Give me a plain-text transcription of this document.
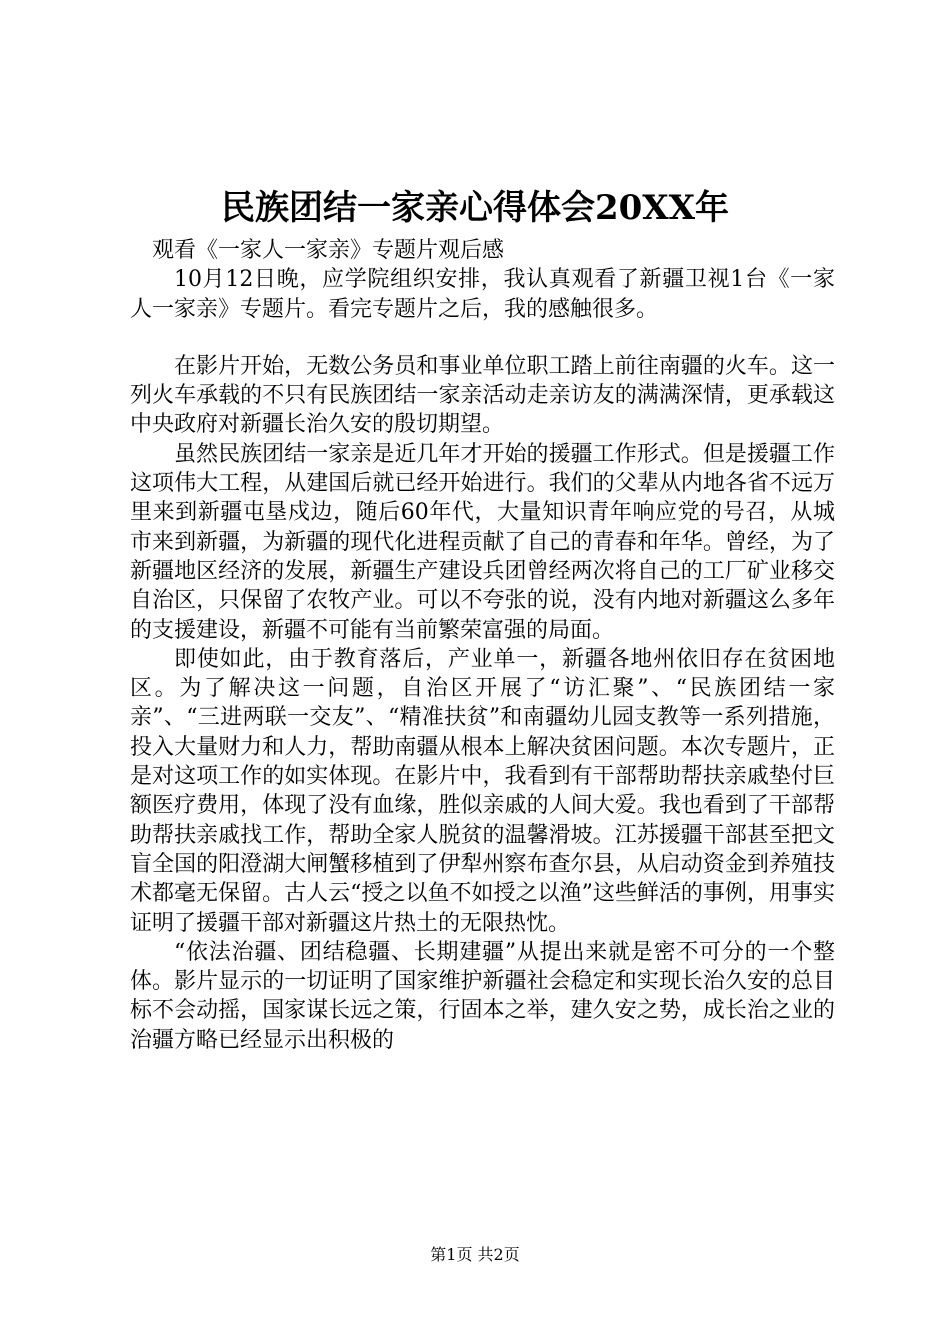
民族团结一家亲心得体会20XX年

观看《一家人一家亲》专题片观后感

10月12日晚，应学院组织安排，我认真观看了新疆卫视1台《一家人一家亲》专题片。看完专题片之后，我的感触很多。

在影片开始，无数公务员和事业单位职工踏上前往南疆的火车。这一列火车承载的不只有民族团结一家亲活动走亲访友的满满深情，更承载这中央政府对新疆长治久安的殷切期望。

虽然民族团结一家亲是近几年才开始的援疆工作形式。但是援疆工作这项伟大工程，从建国后就已经开始进行。我们的父辈从内地各省不远万里来到新疆屯垦戍边，随后60年代，大量知识青年响应党的号召，从城市来到新疆，为新疆的现代化进程贡献了自己的青春和年华。曾经，为了新疆地区经济的发展，新疆生产建设兵团曾经两次将自己的工厂矿业移交自治区，只保留了农牧产业。可以不夸张的说，没有内地对新疆这么多年的支援建设，新疆不可能有当前繁荣富强的局面。

即使如此，由于教育落后，产业单一，新疆各地州依旧存在贫困地区。为了解决这一问题，自治区开展了“访汇聚”、“民族团结一家亲”、“三进两联一交友”、“精准扶贫”和南疆幼儿园支教等一系列措施，投入大量财力和人力，帮助南疆从根本上解决贫困问题。本次专题片，正是对这项工作的如实体现。在影片中，我看到有干部帮助帮扶亲戚垫付巨额医疗费用，体现了没有血缘，胜似亲戚的人间大爱。我也看到了干部帮助帮扶亲戚找工作，帮助全家人脱贫的温馨滑坡。江苏援疆干部甚至把文盲全国的阳澄湖大闸蟹移植到了伊犁州察布查尔县，从启动资金到养殖技术都毫无保留。古人云“授之以鱼不如授之以渔”这些鲜活的事例，用事实证明了援疆干部对新疆这片热土的无限热忱。

“依法治疆、团结稳疆、长期建疆”从提出来就是密不可分的一个整体。影片显示的一切证明了国家维护新疆社会稳定和实现长治久安的总目标不会动摇，国家谋长远之策，行固本之举，建久安之势，成长治之业的治疆方略已经显示出积极的

第1页 共2页
